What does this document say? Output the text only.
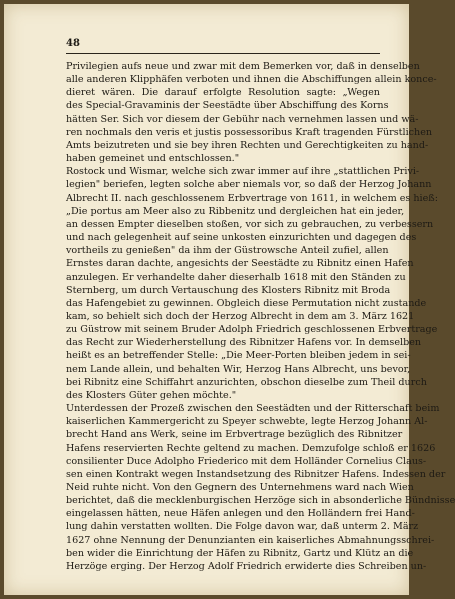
48

Privilegien aufs neue und zwar mit dem Bemerken vor, daß in denselben
alle anderen Klipphäfen verboten und ihnen die Abschiffungen allein konce-
dieret wären. Die darauf erfolgte Resolution sagte: „Wegen
des Special-Gravaminis der Seestädte über Abschiffung des Korns
hätten Ser. Sich vor diesem der Gebühr nach vernehmen lassen und wä-
ren nochmals den veris et justis possessoribus Kraft tragenden Fürstlichen
Amts beizutreten und sie bey ihren Rechten und Gerechtigkeiten zu hand-
haben gemeinet und entschlossen."

Rostock und Wismar, welche sich zwar immer auf ihre „stattlichen Privi-
legien" beriefen, legten solche aber niemals vor, so daß der Herzog Johann
Albrecht II. nach geschlossenem Erbvertrage von 1611, in welchem es hieß:
„Die portus am Meer also zu Ribbenitz und dergleichen hat ein jeder,
an dessen Empter dieselben stoßen, vor sich zu gebrauchen, zu verbessern
und nach gelegenheit auf seine unkosten einzurichten und dagegen des
vortheils zu genießen" da ihm der Güstrowsche Anteil zufiel, allen
Ernstes daran dachte, angesichts der Seestädte zu Ribnitz einen Hafen
anzulegen. Er verhandelte daher dieserhalb 1618 mit den Ständen zu
Sternberg, um durch Vertauschung des Klosters Ribnitz mit Broda
das Hafengebiet zu gewinnen. Obgleich diese Permutation nicht zustande
kam, so behielt sich doch der Herzog Albrecht in dem am 3. März 1621
zu Güstrow mit seinem Bruder Adolph Friedrich geschlossenen Erbvertrage
das Recht zur Wiederherstellung des Ribnitzer Hafens vor. In demselben
heißt es an betreffender Stelle: „Die Meer-Porten bleiben jedem in sei-
nem Lande allein, und behalten Wir, Herzog Hans Albrecht, uns bevor,
bei Ribnitz eine Schiffahrt anzurichten, obschon dieselbe zum Theil durch
des Klosters Güter gehen möchte."

Unterdessen der Prozeß zwischen den Seestädten und der Ritterschaft beim
kaiserlichen Kammergericht zu Speyer schwebte, legte Herzog Johann Al-
brecht Hand ans Werk, seine im Erbvertrage bezüglich des Ribnitzer
Hafens reservierten Rechte geltend zu machen. Demzufolge schloß er 1626
consilienter Duce Adolpho Friederico mit dem Holländer Cornelius Claus-
sen einen Kontrakt wegen Instandsetzung des Ribnitzer Hafens. Indessen der
Neid ruhte nicht. Von den Gegnern des Unternehmens ward nach Wien
berichtet, daß die mecklenburgischen Herzöge sich in absonderliche Bündnisse
eingelassen hätten, neue Häfen anlegen und den Holländern frei Hand-
lung dahin verstatten wollten. Die Folge davon war, daß unterm 2. März
1627 ohne Nennung der Denunzianten ein kaiserliches Abmahnungsschrei-
ben wider die Einrichtung der Häfen zu Ribnitz, Gartz und Klütz an die
Herzöge erging. Der Herzog Adolf Friedrich erwiderte dies Schreiben un-
